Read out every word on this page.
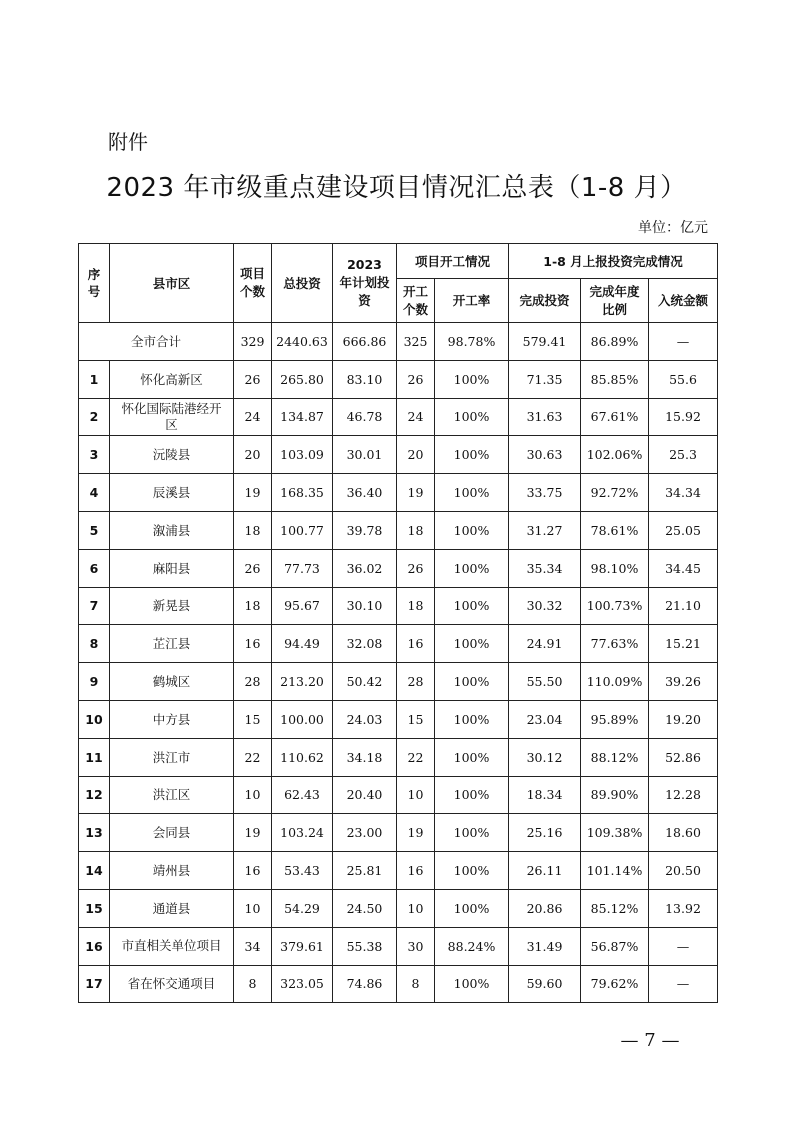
附件
2023 年市级重点建设项目情况汇总表（1-8 月）
单位：亿元
序号	县市区	项目个数	总投资	2023 年计划投资	项目开工情况		1-8 月上报投资完成情况		

					开工个数	开工率	完成投资	完成年度比例	入统金额
全市合计		329	2440.63	666.86	325	98.78%	579.41	86.89%	—
1	怀化高新区	26	265.80	83.10	26	100%	71.35	85.85%	55.6
2	怀化国际陆港经开区	24	134.87	46.78	24	100%	31.63	67.61%	15.92
3	沅陵县	20	103.09	30.01	20	100%	30.63	102.06%	25.3
4	辰溪县	19	168.35	36.40	19	100%	33.75	92.72%	34.34
5	溆浦县	18	100.77	39.78	18	100%	31.27	78.61%	25.05
6	麻阳县	26	77.73	36.02	26	100%	35.34	98.10%	34.45
7	新晃县	18	95.67	30.10	18	100%	30.32	100.73%	21.10
8	芷江县	16	94.49	32.08	16	100%	24.91	77.63%	15.21
9	鹤城区	28	213.20	50.42	28	100%	55.50	110.09%	39.26
10	中方县	15	100.00	24.03	15	100%	23.04	95.89%	19.20
11	洪江市	22	110.62	34.18	22	100%	30.12	88.12%	52.86
12	洪江区	10	62.43	20.40	10	100%	18.34	89.90%	12.28
13	会同县	19	103.24	23.00	19	100%	25.16	109.38%	18.60
14	靖州县	16	53.43	25.81	16	100%	26.11	101.14%	20.50
15	通道县	10	54.29	24.50	10	100%	20.86	85.12%	13.92
16	市直相关单位项目	34	379.61	55.38	30	88.24%	31.49	56.87%	—
17	省在怀交通项目	8	323.05	74.86	8	100%	59.60	79.62%	—
— 7 —
